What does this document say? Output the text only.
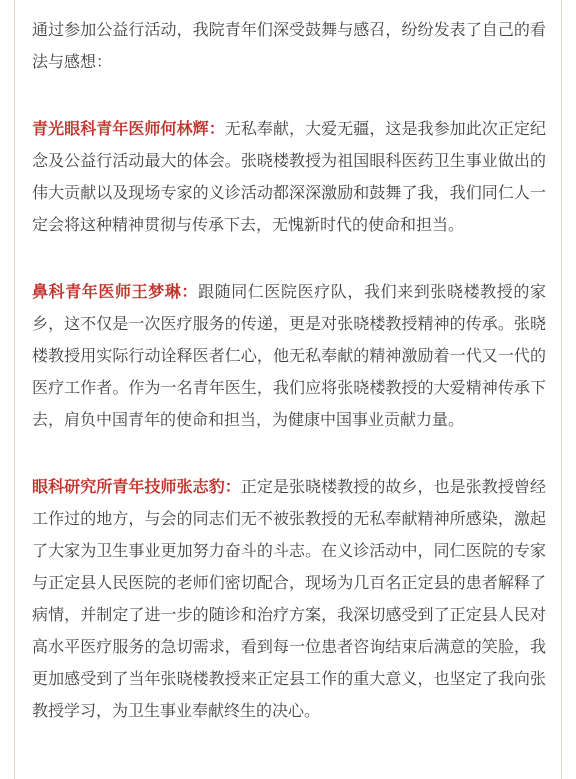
通过参加公益行活动，我院青年们深受鼓舞与感召，纷纷发表了自己的看法与感想：

青光眼科青年医师何林辉：无私奉献，大爱无疆，这是我参加此次正定纪念及公益行活动最大的体会。张晓楼教授为祖国眼科医药卫生事业做出的伟大贡献以及现场专家的义诊活动都深深激励和鼓舞了我，我们同仁人一定会将这种精神贯彻与传承下去，无愧新时代的使命和担当。

鼻科青年医师王梦琳：跟随同仁医院医疗队，我们来到张晓楼教授的家乡，这不仅是一次医疗服务的传递，更是对张晓楼教授精神的传承。张晓楼教授用实际行动诠释医者仁心，他无私奉献的精神激励着一代又一代的医疗工作者。作为一名青年医生，我们应将张晓楼教授的大爱精神传承下去，肩负中国青年的使命和担当，为健康中国事业贡献力量。

眼科研究所青年技师张志豹：正定是张晓楼教授的故乡，也是张教授曾经工作过的地方，与会的同志们无不被张教授的无私奉献精神所感染，激起了大家为卫生事业更加努力奋斗的斗志。在义诊活动中，同仁医院的专家与正定县人民医院的老师们密切配合，现场为几百名正定县的患者解释了病情，并制定了进一步的随诊和治疗方案，我深切感受到了正定县人民对高水平医疗服务的急切需求，看到每一位患者咨询结束后满意的笑脸，我更加感受到了当年张晓楼教授来正定县工作的重大意义，也坚定了我向张教授学习，为卫生事业奉献终生的决心。
